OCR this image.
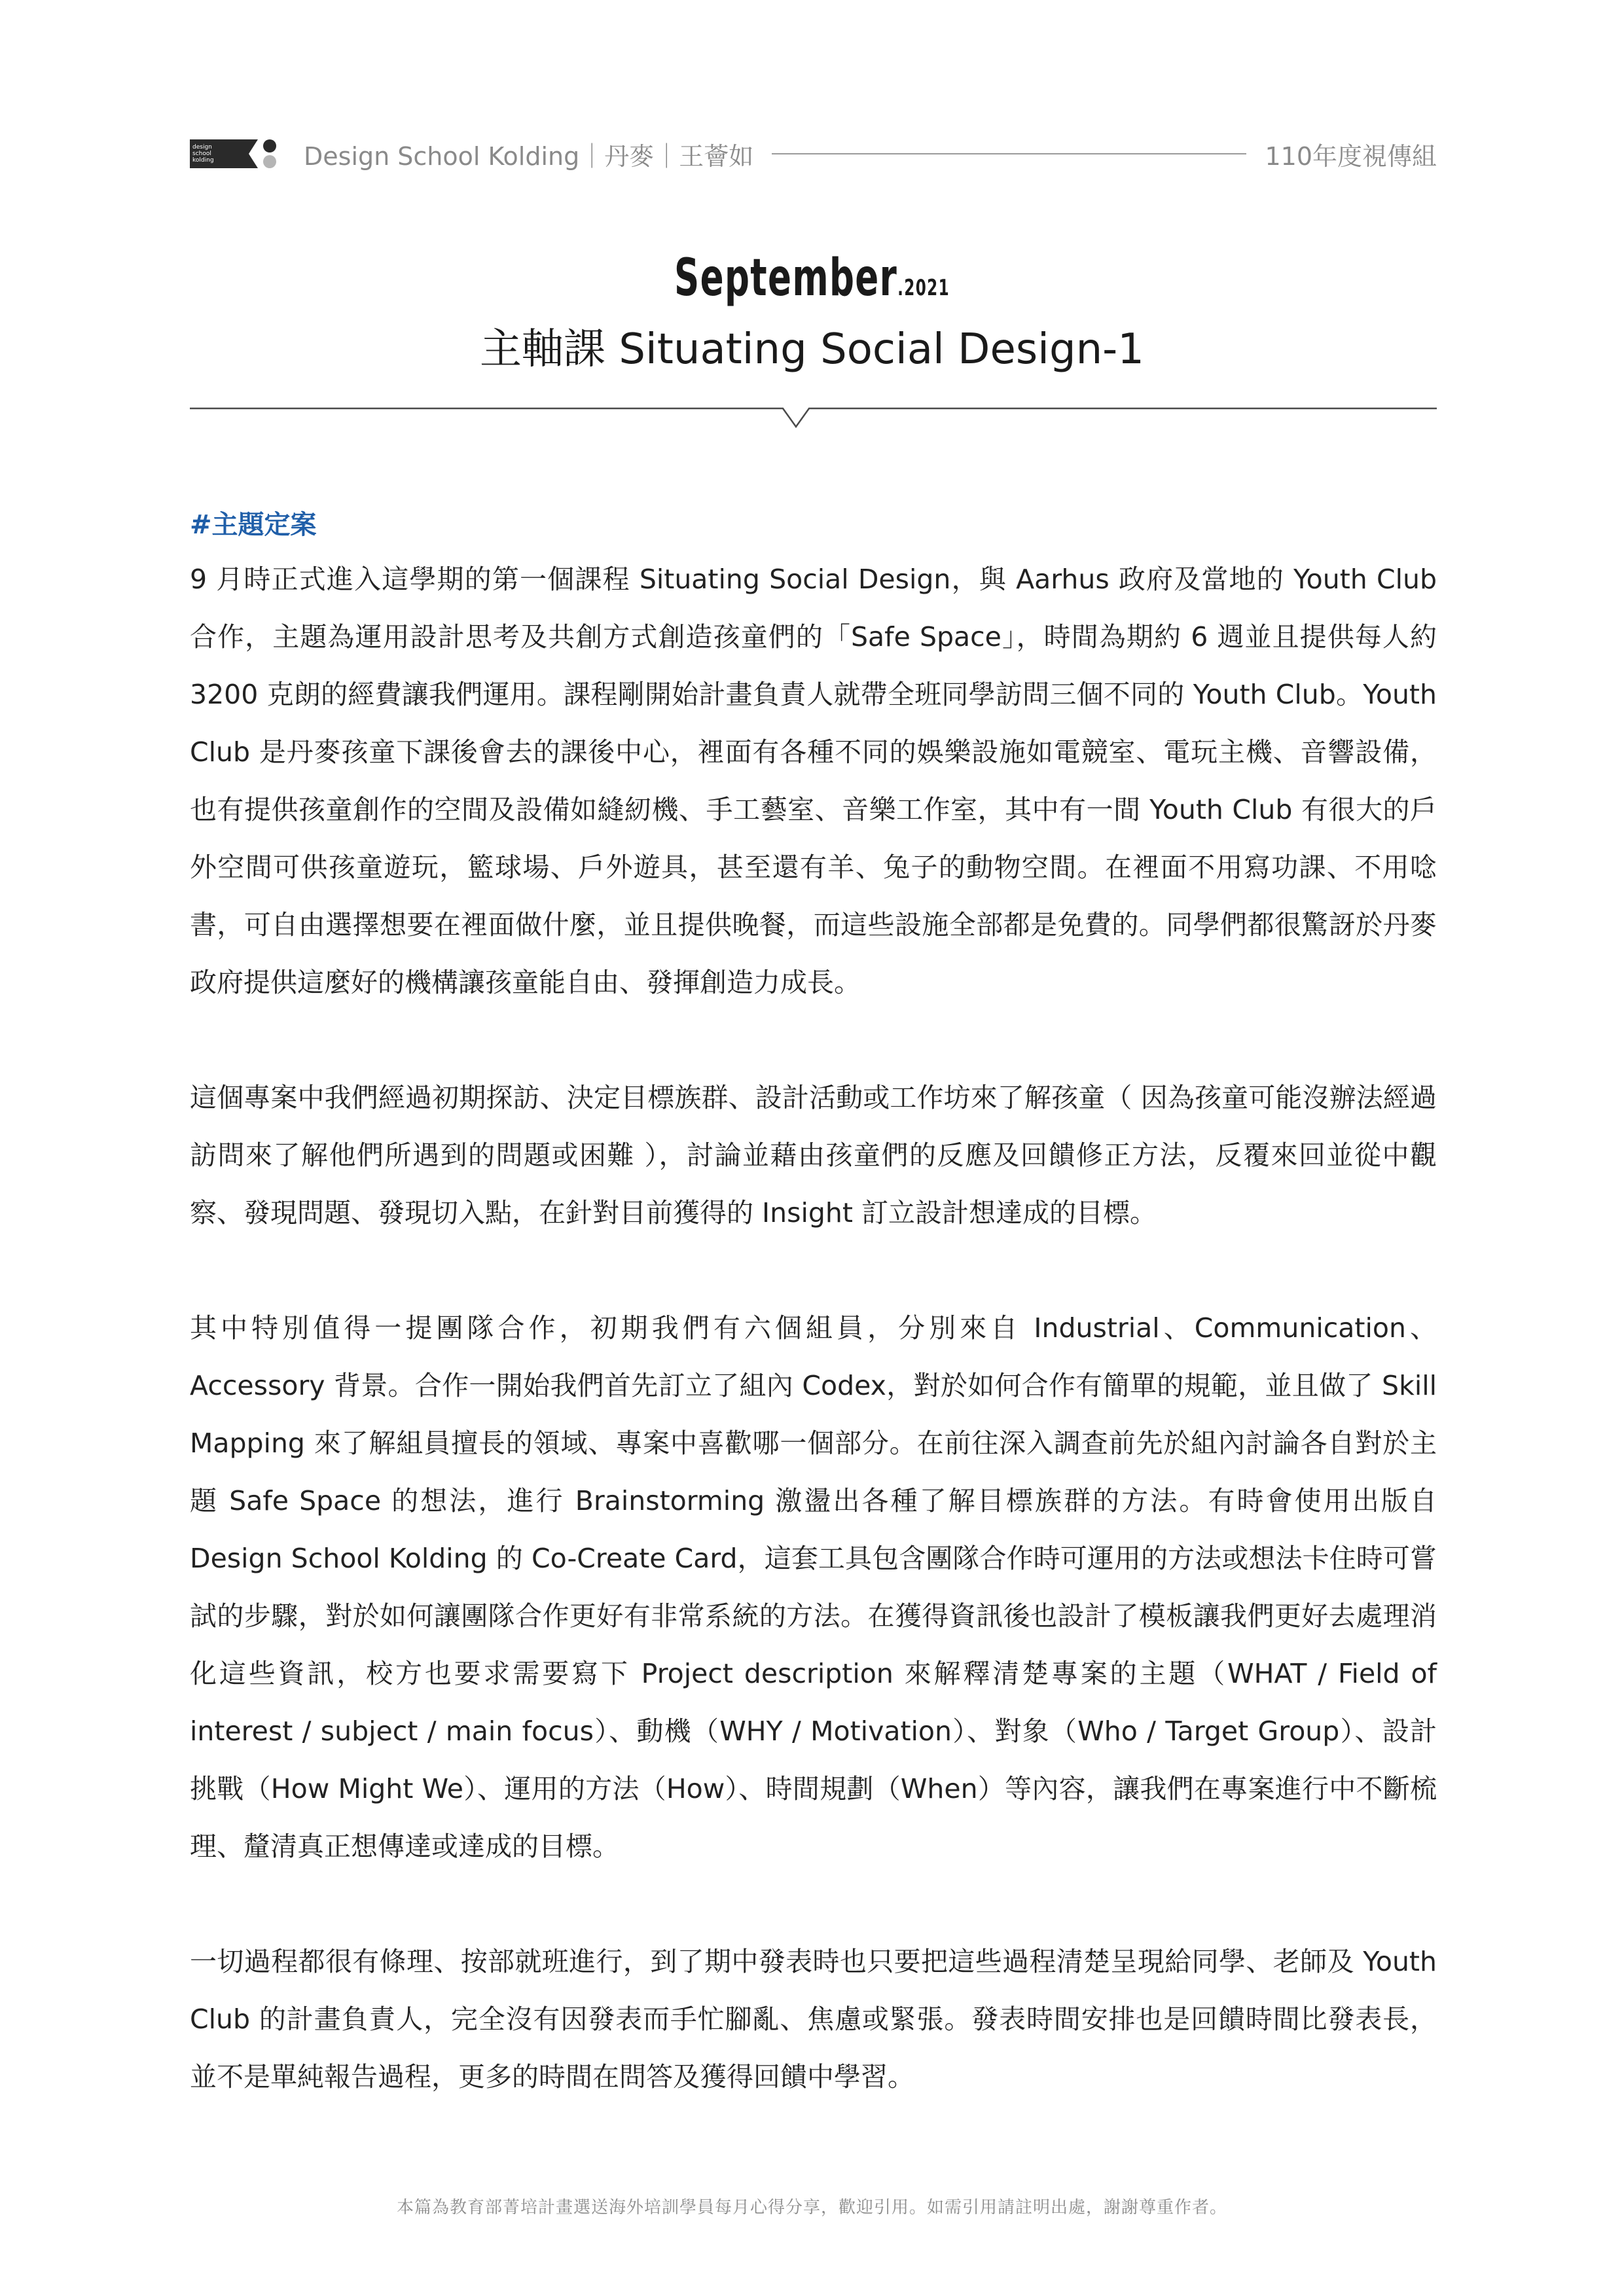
design
school
kolding	Design School Kolding｜丹麥｜王薈如	110年度視傳組
September.2021
主軸課 Situating Social Design-1
#主題定案

9 月時正式進入這學期的第一個課程 Situating Social Design，與 Aarhus 政府及當地的 Youth Club 合作，主題為運用設計思考及共創方式創造孩童們的「Safe Space」，時間為期約 6 週並且提供每人約 3200 克朗的經費讓我們運用。課程剛開始計畫負責人就帶全班同學訪問三個不同的 Youth Club。Youth Club 是丹麥孩童下課後會去的課後中心，裡面有各種不同的娛樂設施如電競室、電玩主機、音響設備，也有提供孩童創作的空間及設備如縫紉機、手工藝室、音樂工作室，其中有一間 Youth Club 有很大的戶外空間可供孩童遊玩，籃球場、戶外遊具，甚至還有羊、兔子的動物空間。在裡面不用寫功課、不用唸書，可自由選擇想要在裡面做什麼，並且提供晚餐，而這些設施全部都是免費的。同學們都很驚訝於丹麥政府提供這麼好的機構讓孩童能自由、發揮創造力成長。

這個專案中我們經過初期探訪、決定目標族群、設計活動或工作坊來了解孩童（ 因為孩童可能沒辦法經過訪問來了解他們所遇到的問題或困難 ），討論並藉由孩童們的反應及回饋修正方法，反覆來回並從中觀察、發現問題、發現切入點，在針對目前獲得的 Insight 訂立設計想達成的目標。

其中特別值得一提團隊合作，初期我們有六個組員，分別來自 Industrial、Communication、Accessory 背景。合作一開始我們首先訂立了組內 Codex，對於如何合作有簡單的規範，並且做了 Skill Mapping 來了解組員擅長的領域、專案中喜歡哪一個部分。在前往深入調查前先於組內討論各自對於主題 Safe Space 的想法，進行 Brainstorming 激盪出各種了解目標族群的方法。有時會使用出版自 Design School Kolding 的 Co-Create Card，這套工具包含團隊合作時可運用的方法或想法卡住時可嘗試的步驟，對於如何讓團隊合作更好有非常系統的方法。在獲得資訊後也設計了模板讓我們更好去處理消化這些資訊，校方也要求需要寫下 Project description 來解釋清楚專案的主題（WHAT / Field of interest / subject / main focus）、動機（WHY / Motivation）、對象（Who / Target Group）、設計挑戰（How Might We）、運用的方法（How）、時間規劃（When）等內容，讓我們在專案進行中不斷梳理、釐清真正想傳達或達成的目標。

一切過程都很有條理、按部就班進行，到了期中發表時也只要把這些過程清楚呈現給同學、老師及 Youth Club 的計畫負責人，完全沒有因發表而手忙腳亂、焦慮或緊張。發表時間安排也是回饋時間比發表長，並不是單純報告過程，更多的時間在問答及獲得回饋中學習。

本篇為教育部菁培計畫選送海外培訓學員每月心得分享，歡迎引用。如需引用請註明出處，謝謝尊重作者。
